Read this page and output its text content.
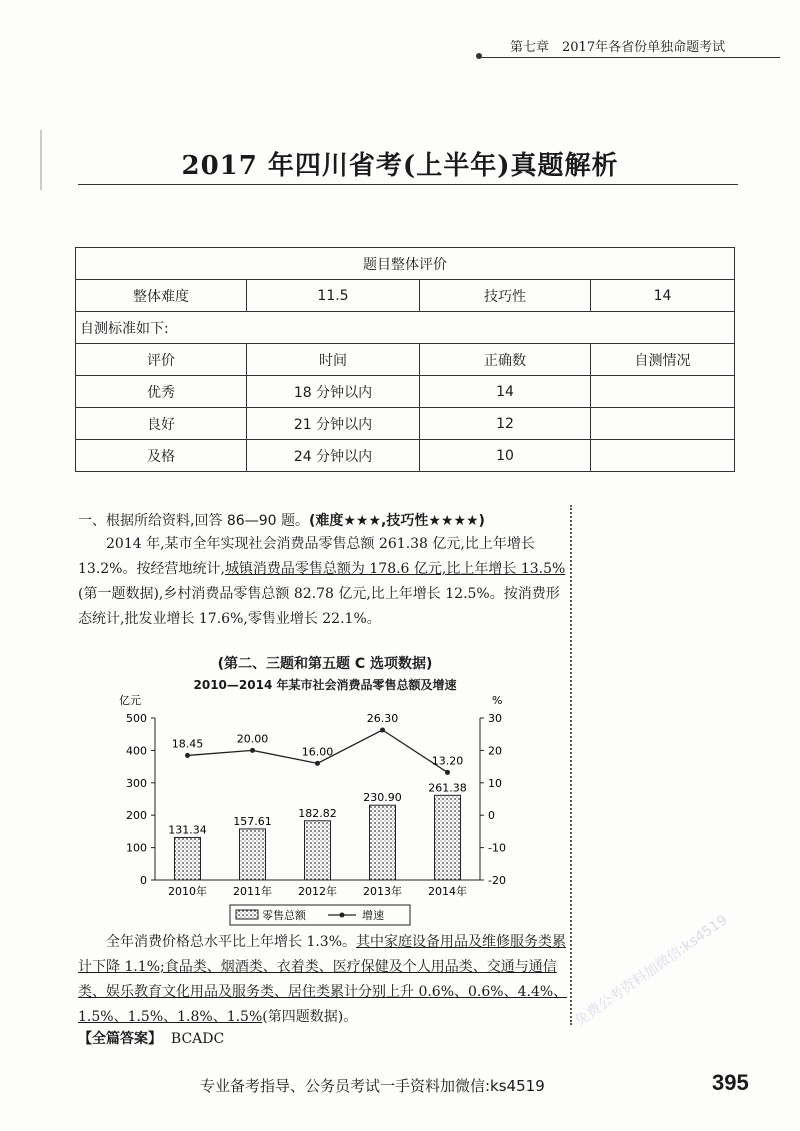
第七章　2017年各省份单独命题考试
2017 年四川省考(上半年)真题解析
题目整体评价			
整体难度	11.5	技巧性	14
自测标准如下:			
评价	时间	正确数	自测情况
优秀	18 分钟以内	14	
良好	21 分钟以内	12	
及格	24 分钟以内	10	
一、根据所给资料,回答 86—90 题。(难度★★★,技巧性★★★★)
2014 年,某市全年实现社会消费品零售总额 261.38 亿元,比上年增长 13.2%。按经营地统计,城镇消费品零售总额为 178.6 亿元,比上年增长 13.5%(第一题数据),乡村消费品零售总额 82.78 亿元,比上年增长 12.5%。按消费形态统计,批发业增长 17.6%,零售业增长 22.1%。
(第二、三题和第五题 C 选项数据)
2010—2014 年某市社会消费品零售总额及增速
亿元	%
0
100
200
300
400
500
-20
-10
0
10
20
30
131.34
2010年
157.61
2011年
182.82
2012年
230.90
2013年
261.38
2014年
18.45	20.00
16.00
26.30
13.20
零售总额	增速
全年消费价格总水平比上年增长 1.3%。其中家庭设备用品及维修服务类累计下降 1.1%;食品类、烟酒类、衣着类、医疗保健及个人用品类、交通与通信类、娱乐教育文化用品及服务类、居住类累计分别上升 0.6%、0.6%、4.4%、1.5%、1.5%、1.8%、1.5%(第四题数据)。
【全篇答案】 BCADC
免费公考资料加微信:ks4519
专业备考指导、公务员考试一手资料加微信:ks4519	395
